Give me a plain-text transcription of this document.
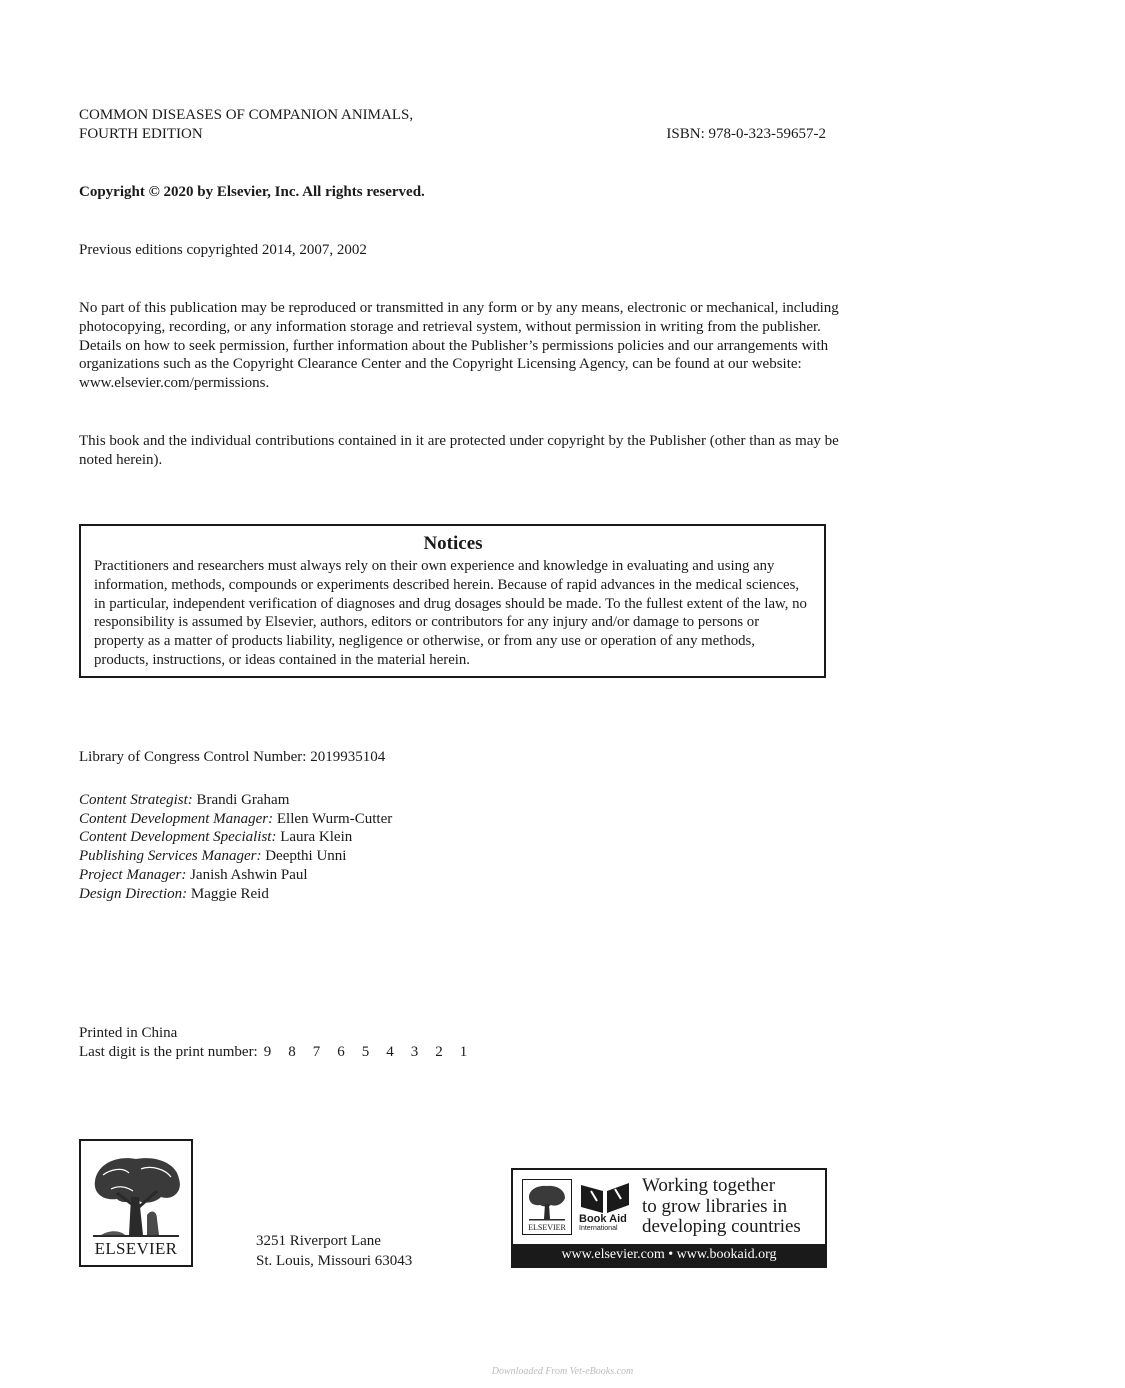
COMMON DISEASES OF COMPANION ANIMALS,
FOURTH EDITION	ISBN: 978-0-323-59657-2
Copyright © 2020 by Elsevier, Inc. All rights reserved.
Previous editions copyrighted 2014, 2007, 2002
No part of this publication may be reproduced or transmitted in any form or by any means, electronic or mechanical, including photocopying, recording, or any information storage and retrieval system, without permission in writing from the publisher. Details on how to seek permission, further information about the Publisher’s permissions policies and our arrangements with organizations such as the Copyright Clearance Center and the Copyright Licensing Agency, can be found at our website: www.elsevier.com/permissions.
This book and the individual contributions contained in it are protected under copyright by the Publisher (other than as may be noted herein).
Notices

Practitioners and researchers must always rely on their own experience and knowledge in evaluating and using any information, methods, compounds or experiments described herein. Because of rapid advances in the medical sciences, in particular, independent verification of diagnoses and drug dosages should be made. To the fullest extent of the law, no responsibility is assumed by Elsevier, authors, editors or contributors for any injury and/or damage to persons or property as a matter of products liability, negligence or otherwise, or from any use or operation of any methods, products, instructions, or ideas contained in the material herein.

Library of Congress Control Number: 2019935104
Content Strategist: Brandi Graham
Content Development Manager: Ellen Wurm-Cutter
Content Development Specialist: Laura Klein
Publishing Services Manager: Deepthi Unni
Project Manager: Janish Ashwin Paul
Design Direction: Maggie Reid
Printed in China
Last digit is the print number: 9 8 7 6 5 4 3 2 1
ELSEVIER	3251 Riverport Lane
St. Louis, Missouri 63043
ELSEVIER
Book Aid
International
Working together
to grow libraries in
developing countries
www.elsevier.com • www.bookaid.org
Downloaded From Vet-eBooks.com
